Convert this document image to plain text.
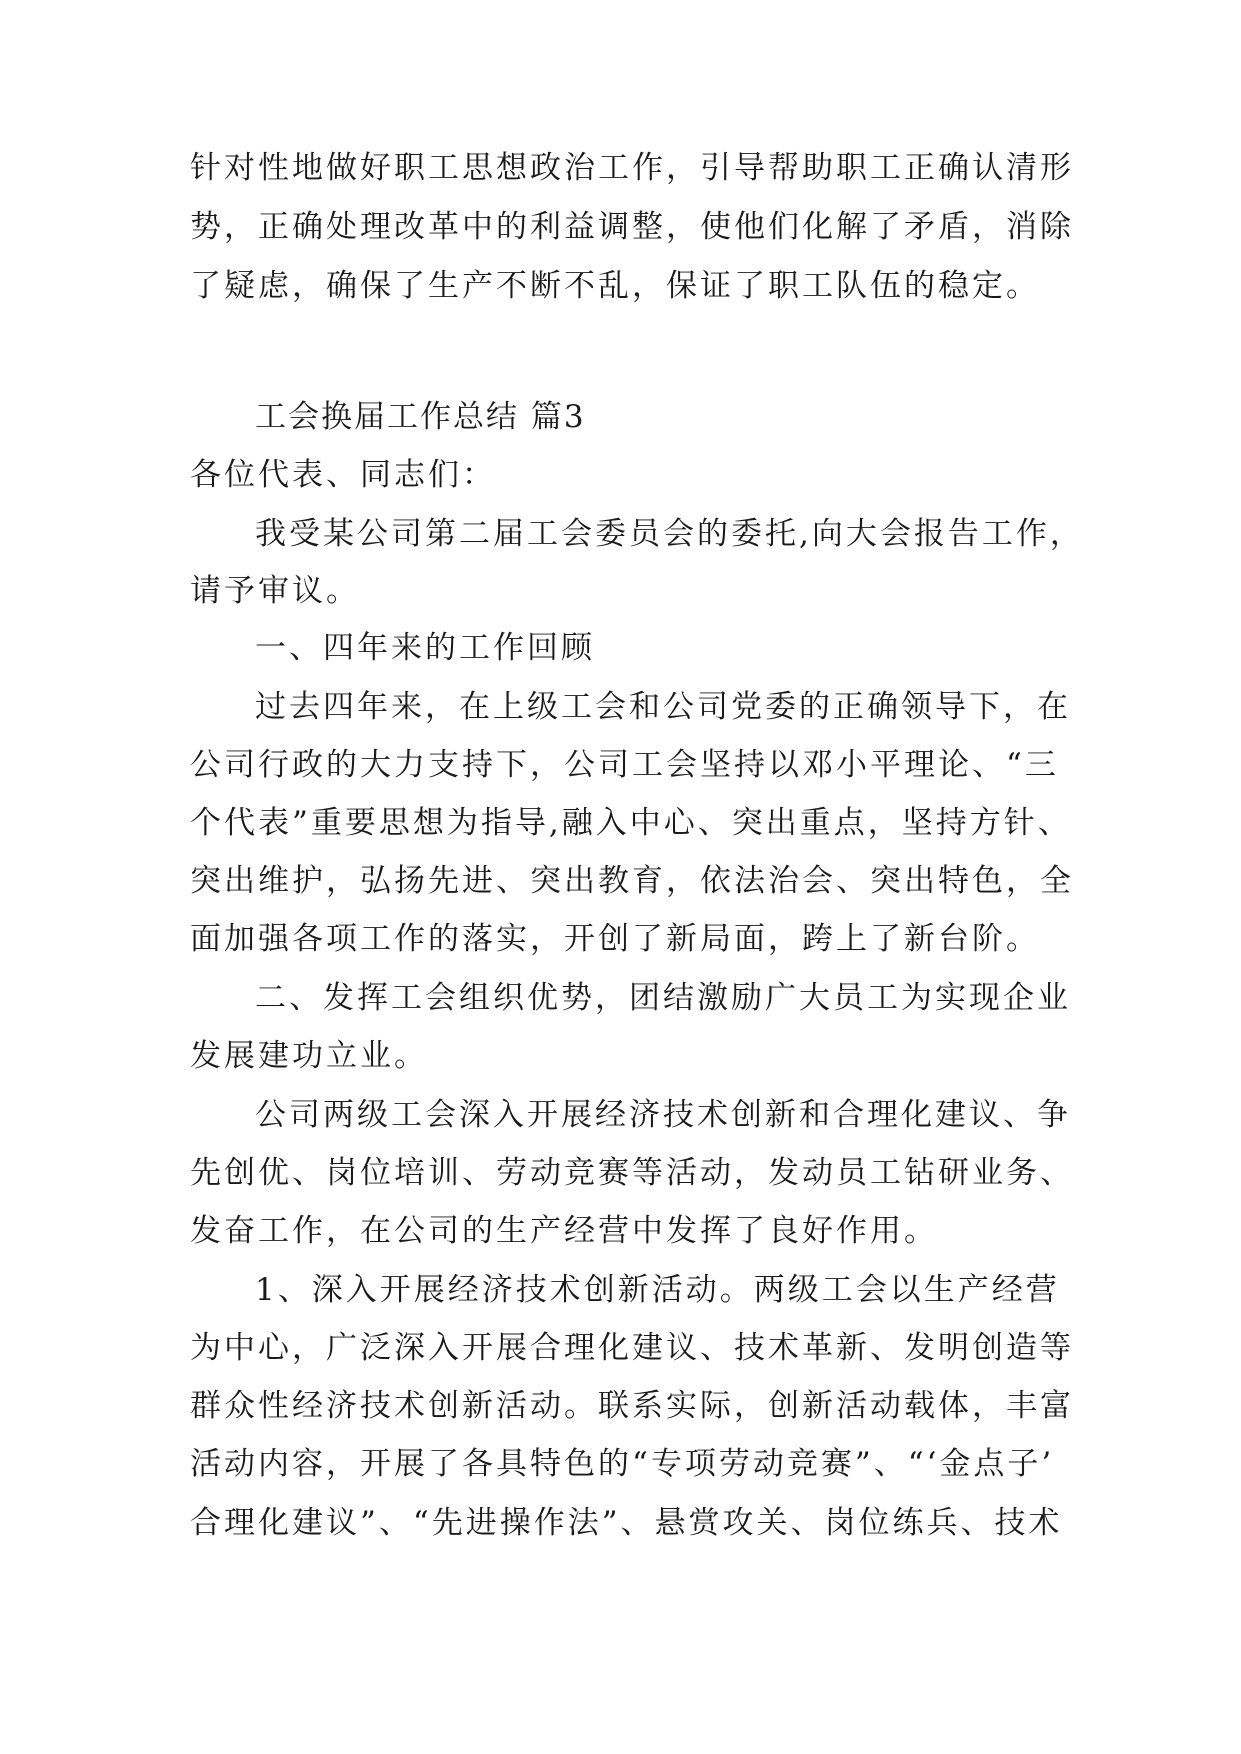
针对性地做好职工思想政治工作，引导帮助职工正确认清形
势，正确处理改革中的利益调整，使他们化解了矛盾，消除
了疑虑，确保了生产不断不乱，保证了职工队伍的稳定。
工会换届工作总结 篇3
各位代表、同志们：
我受某公司第二届工会委员会的委托,向大会报告工作，
请予审议。
一、四年来的工作回顾
过去四年来，在上级工会和公司党委的正确领导下，在
公司行政的大力支持下，公司工会坚持以邓小平理论、“三
个代表”重要思想为指导,融入中心、突出重点，坚持方针、
突出维护，弘扬先进、突出教育，依法治会、突出特色，全
面加强各项工作的落实，开创了新局面，跨上了新台阶。
二、发挥工会组织优势，团结激励广大员工为实现企业
发展建功立业。
公司两级工会深入开展经济技术创新和合理化建议、争
先创优、岗位培训、劳动竞赛等活动，发动员工钻研业务、
发奋工作，在公司的生产经营中发挥了良好作用。
1、深入开展经济技术创新活动。两级工会以生产经营
为中心，广泛深入开展合理化建议、技术革新、发明创造等
群众性经济技术创新活动。联系实际，创新活动载体，丰富
活动内容，开展了各具特色的“专项劳动竞赛”、“‘金点子’
合理化建议”、“先进操作法”、悬赏攻关、岗位练兵、技术
